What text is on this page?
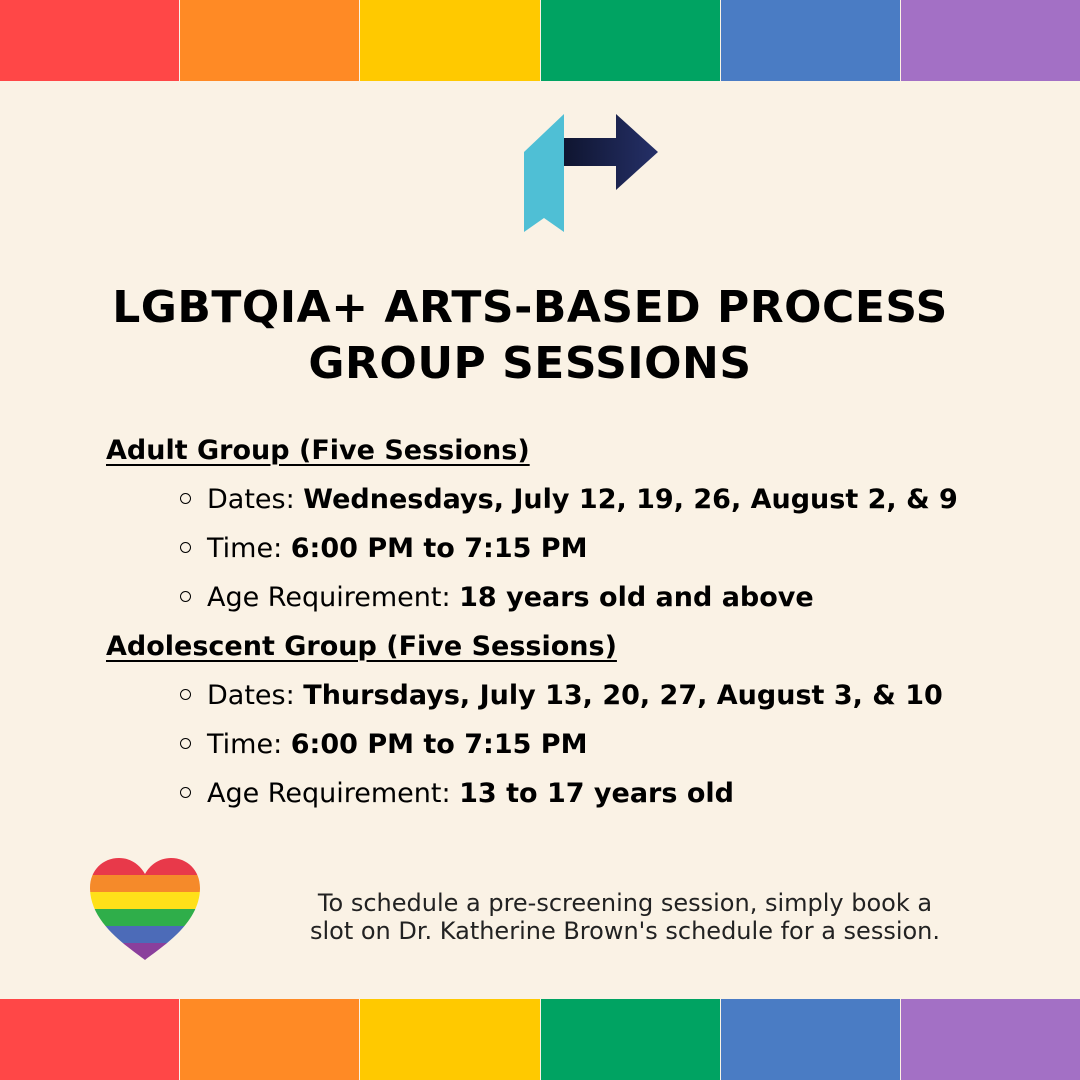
LGBTQIA+ ARTS-BASED PROCESS
GROUP SESSIONS
Adult Group (Five Sessions)
Dates: Wednesdays, July 12, 19, 26, August 2, & 9
Time: 6:00 PM to 7:15 PM
Age Requirement: 18 years old and above
Adolescent Group (Five Sessions)
Dates: Thursdays, July 13, 20, 27, August 3, & 10
Time: 6:00 PM to 7:15 PM
Age Requirement: 13 to 17 years old
To schedule a pre-screening session, simply book a
slot on Dr. Katherine Brown's schedule for a session.
